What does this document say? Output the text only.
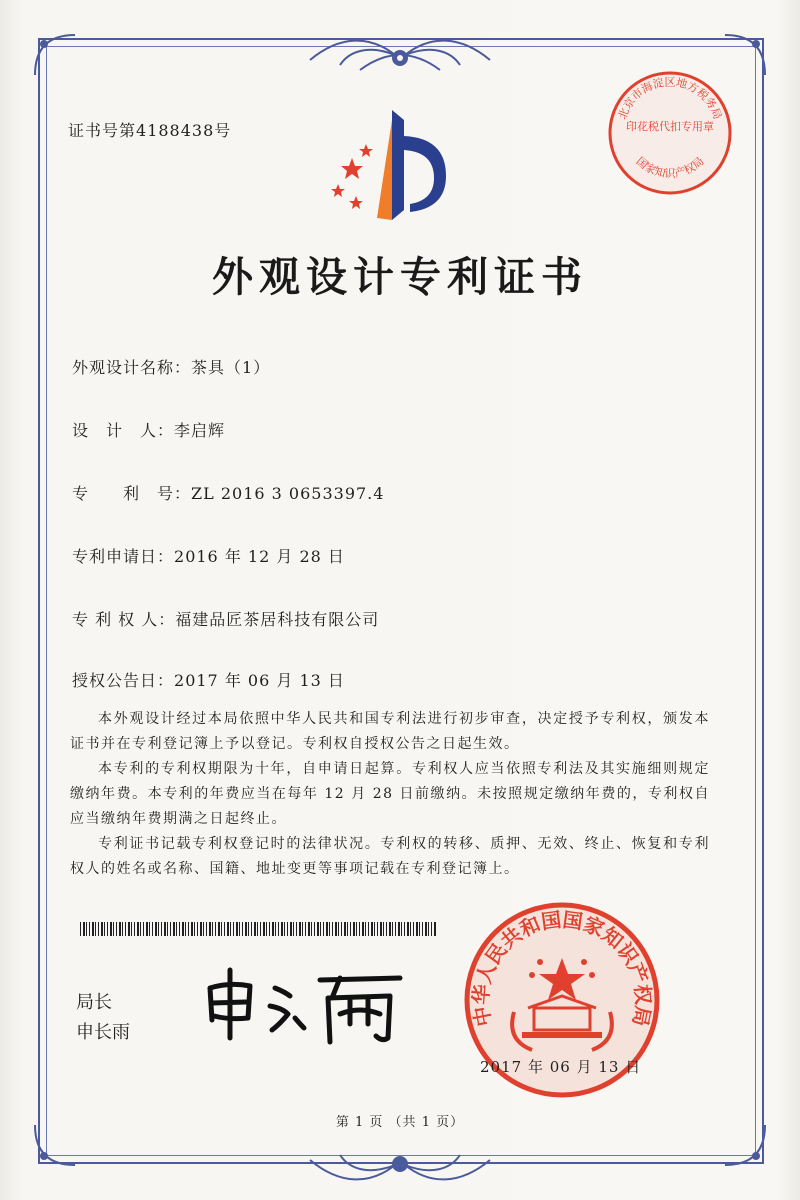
证书号第4188438号
外观设计专利证书
外观设计名称：茶具（1）
设　计　人：李启辉
专　　利　号：ZL 2016 3 0653397.4
专利申请日：2016 年 12 月 28 日
专 利 权 人：福建品匠茶居科技有限公司
授权公告日：2017 年 06 月 13 日

本外观设计经过本局依照中华人民共和国专利法进行初步审查，决定授予专利权，颁发本证书并在专利登记簿上予以登记。专利权自授权公告之日起生效。

本专利的专利权期限为十年，自申请日起算。专利权人应当依照专利法及其实施细则规定缴纳年费。本专利的年费应当在每年 12 月 28 日前缴纳。未按照规定缴纳年费的，专利权自应当缴纳年费期满之日起终止。

专利证书记载专利权登记时的法律状况。专利权的转移、质押、无效、终止、恢复和专利权人的姓名或名称、国籍、地址变更等事项记载在专利登记簿上。

局长
申长雨
中华人民共和国国家知识产权局
北京市海淀区地方税务局
印花税代扣专用章
国家知识产权局
2017 年 06 月 13 日
第 1 页 （共 1 页）
